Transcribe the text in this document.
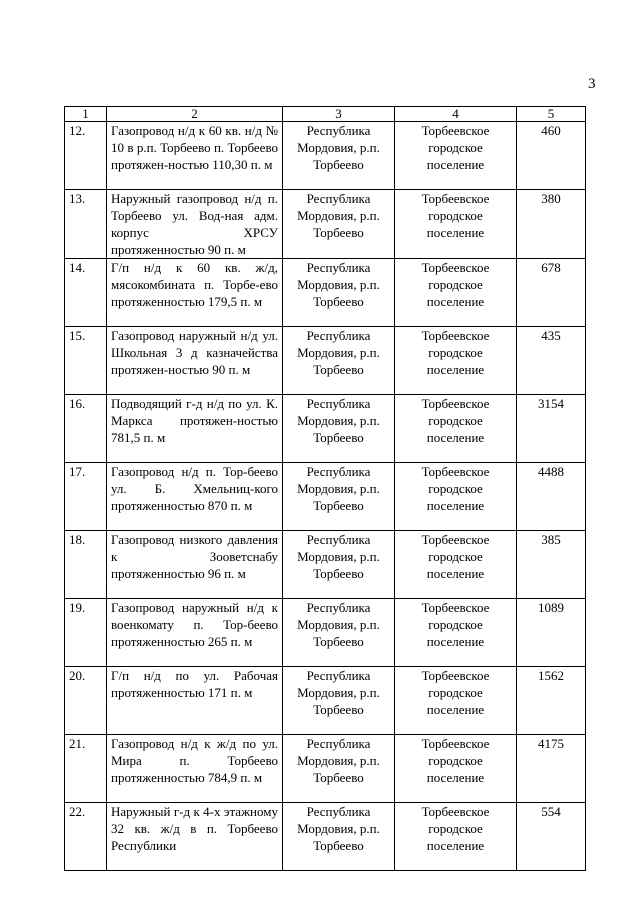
3
1	2	3	4	5
12.	Газопровод н/д к 60 кв. н/д № 10 в р.п. Торбеево п. Торбеево протяжен-ностью 110,30 п. м	Республика Мордовия, р.п. Торбеево	Торбеевское городское поселение	460
13.	Наружный газопровод н/д п. Торбеево ул. Вод-ная адм. корпус ХРСУ протяженностью 90 п. м	Республика Мордовия, р.п. Торбеево	Торбеевское городское поселение	380
14.	Г/п н/д к 60 кв. ж/д, мясокомбината п. Торбе-ево протяженностью 179,5 п. м	Республика Мордовия, р.п. Торбеево	Торбеевское городское поселение	678
15.	Газопровод наружный н/д ул. Школьная 3 д казначейства протяжен-ностью 90 п. м	Республика Мордовия, р.п. Торбеево	Торбеевское городское поселение	435
16.	Подводящий г-д н/д по ул. К. Маркса протяжен-ностью 781,5 п. м	Республика Мордовия, р.п. Торбеево	Торбеевское городское поселение	3154
17.	Газопровод н/д п. Тор-беево ул. Б. Хмельниц-кого протяженностью 870 п. м	Республика Мордовия, р.п. Торбеево	Торбеевское городское поселение	4488
18.	Газопровод низкого давления к Зооветснабу протяженностью 96 п. м	Республика Мордовия, р.п. Торбеево	Торбеевское городское поселение	385
19.	Газопровод наружный н/д к военкомату п. Тор-беево протяженностью 265 п. м	Республика Мордовия, р.п. Торбеево	Торбеевское городское поселение	1089
20.	Г/п н/д по ул. Рабочая протяженностью 171 п. м	Республика Мордовия, р.п. Торбеево	Торбеевское городское поселение	1562
21.	Газопровод н/д к ж/д по ул. Мира п. Торбеево протяженностью 784,9 п. м	Республика Мордовия, р.п. Торбеево	Торбеевское городское поселение	4175
22.	Наружный г-д к 4-х этажному 32 кв. ж/д в п. Торбеево Республики	Республика Мордовия, р.п. Торбеево	Торбеевское городское поселение	554
